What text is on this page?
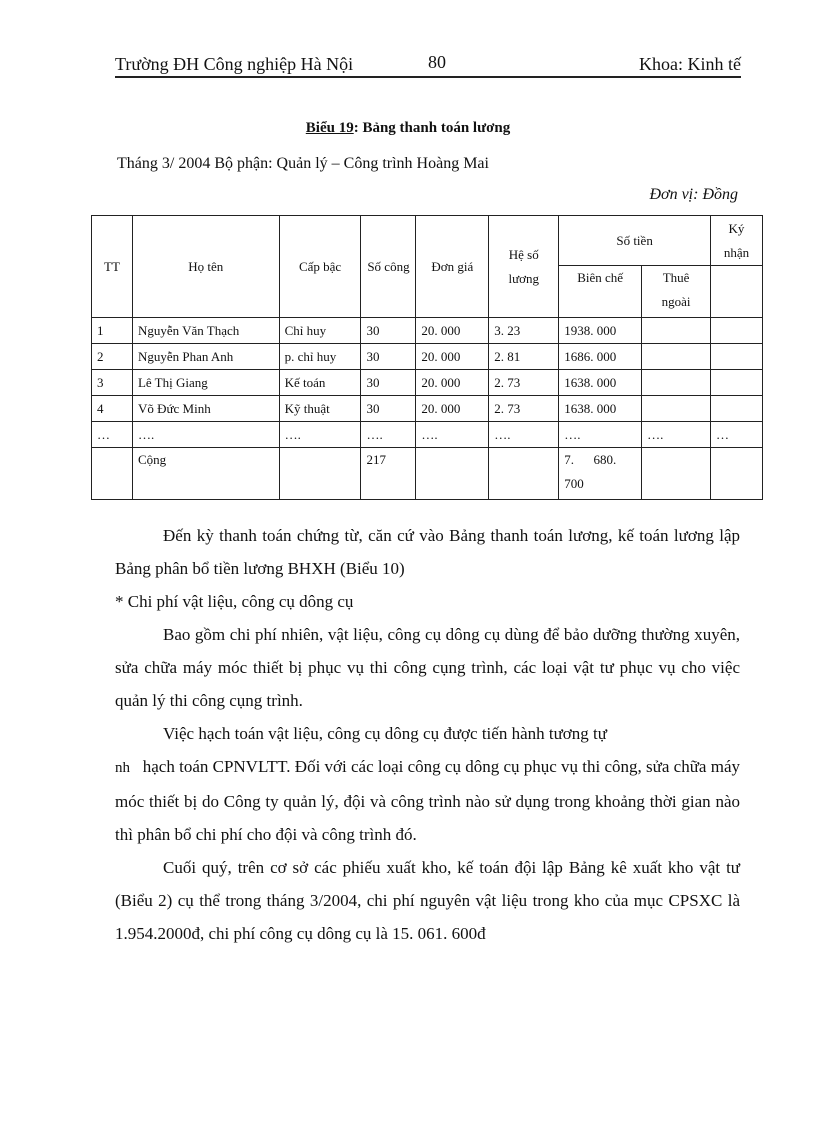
Trường ĐH Công nghiệp Hà Nội	80	Khoa: Kinh tế
Biểu 19: Bảng thanh toán lương
Tháng 3/ 2004 Bộ phận: Quản lý – Công trình Hoàng Mai
Đơn vị: Đồng
TT	Họ tên	Cấp bậc	Số công	Đơn giá	Hệ số lương	Số tiền		Ký nhận
						Biên chế	Thuê ngoài	
1	Nguyễn Văn Thạch	Chỉ huy	30	20. 000	3. 23	1938. 000		
2	Nguyễn Phan Anh	p. chỉ huy	30	20. 000	2. 81	1686. 000		
3	Lê Thị Giang	Kế toán	30	20. 000	2. 73	1638. 000		
4	Võ Đức Minh	Kỹ thuật	30	20. 000	2. 73	1638. 000		
…	….	….	….	….	….	….	….	…
	Cộng		217			7.      680.
700		

Đến kỳ thanh toán chứng từ, căn cứ vào Bảng thanh toán lương, kế toán lương lập Bảng phân bổ tiền lương BHXH (Biểu 10)

* Chi phí vật liệu, công cụ dông cụ

Bao gồm chi phí nhiên, vật liệu, công cụ dông cụ dùng để bảo dưỡng thường xuyên, sửa chữa máy móc thiết bị phục vụ thi công cụng trình, các loại vật tư phục vụ cho việc quản lý thi công cụng trình.

Việc hạch toán vật liệu, công cụ dông cụ được tiến hành tương tự

nh hạch toán CPNVLTT. Đối với các loại công cụ dông cụ phục vụ thi công, sửa chữa máy móc thiết bị do Công ty quản lý, đội và công trình nào sử dụng trong khoảng thời gian nào thì phân bổ chi phí cho đội và công trình đó.

Cuối quý, trên cơ sở các phiếu xuất kho, kế toán đội lập Bảng kê xuất kho vật tư (Biểu 2) cụ thể trong tháng 3/2004, chi phí nguyên vật liệu trong kho của mục CPSXC là 1.954.2000đ, chi phí công cụ dông cụ là 15. 061. 600đ
